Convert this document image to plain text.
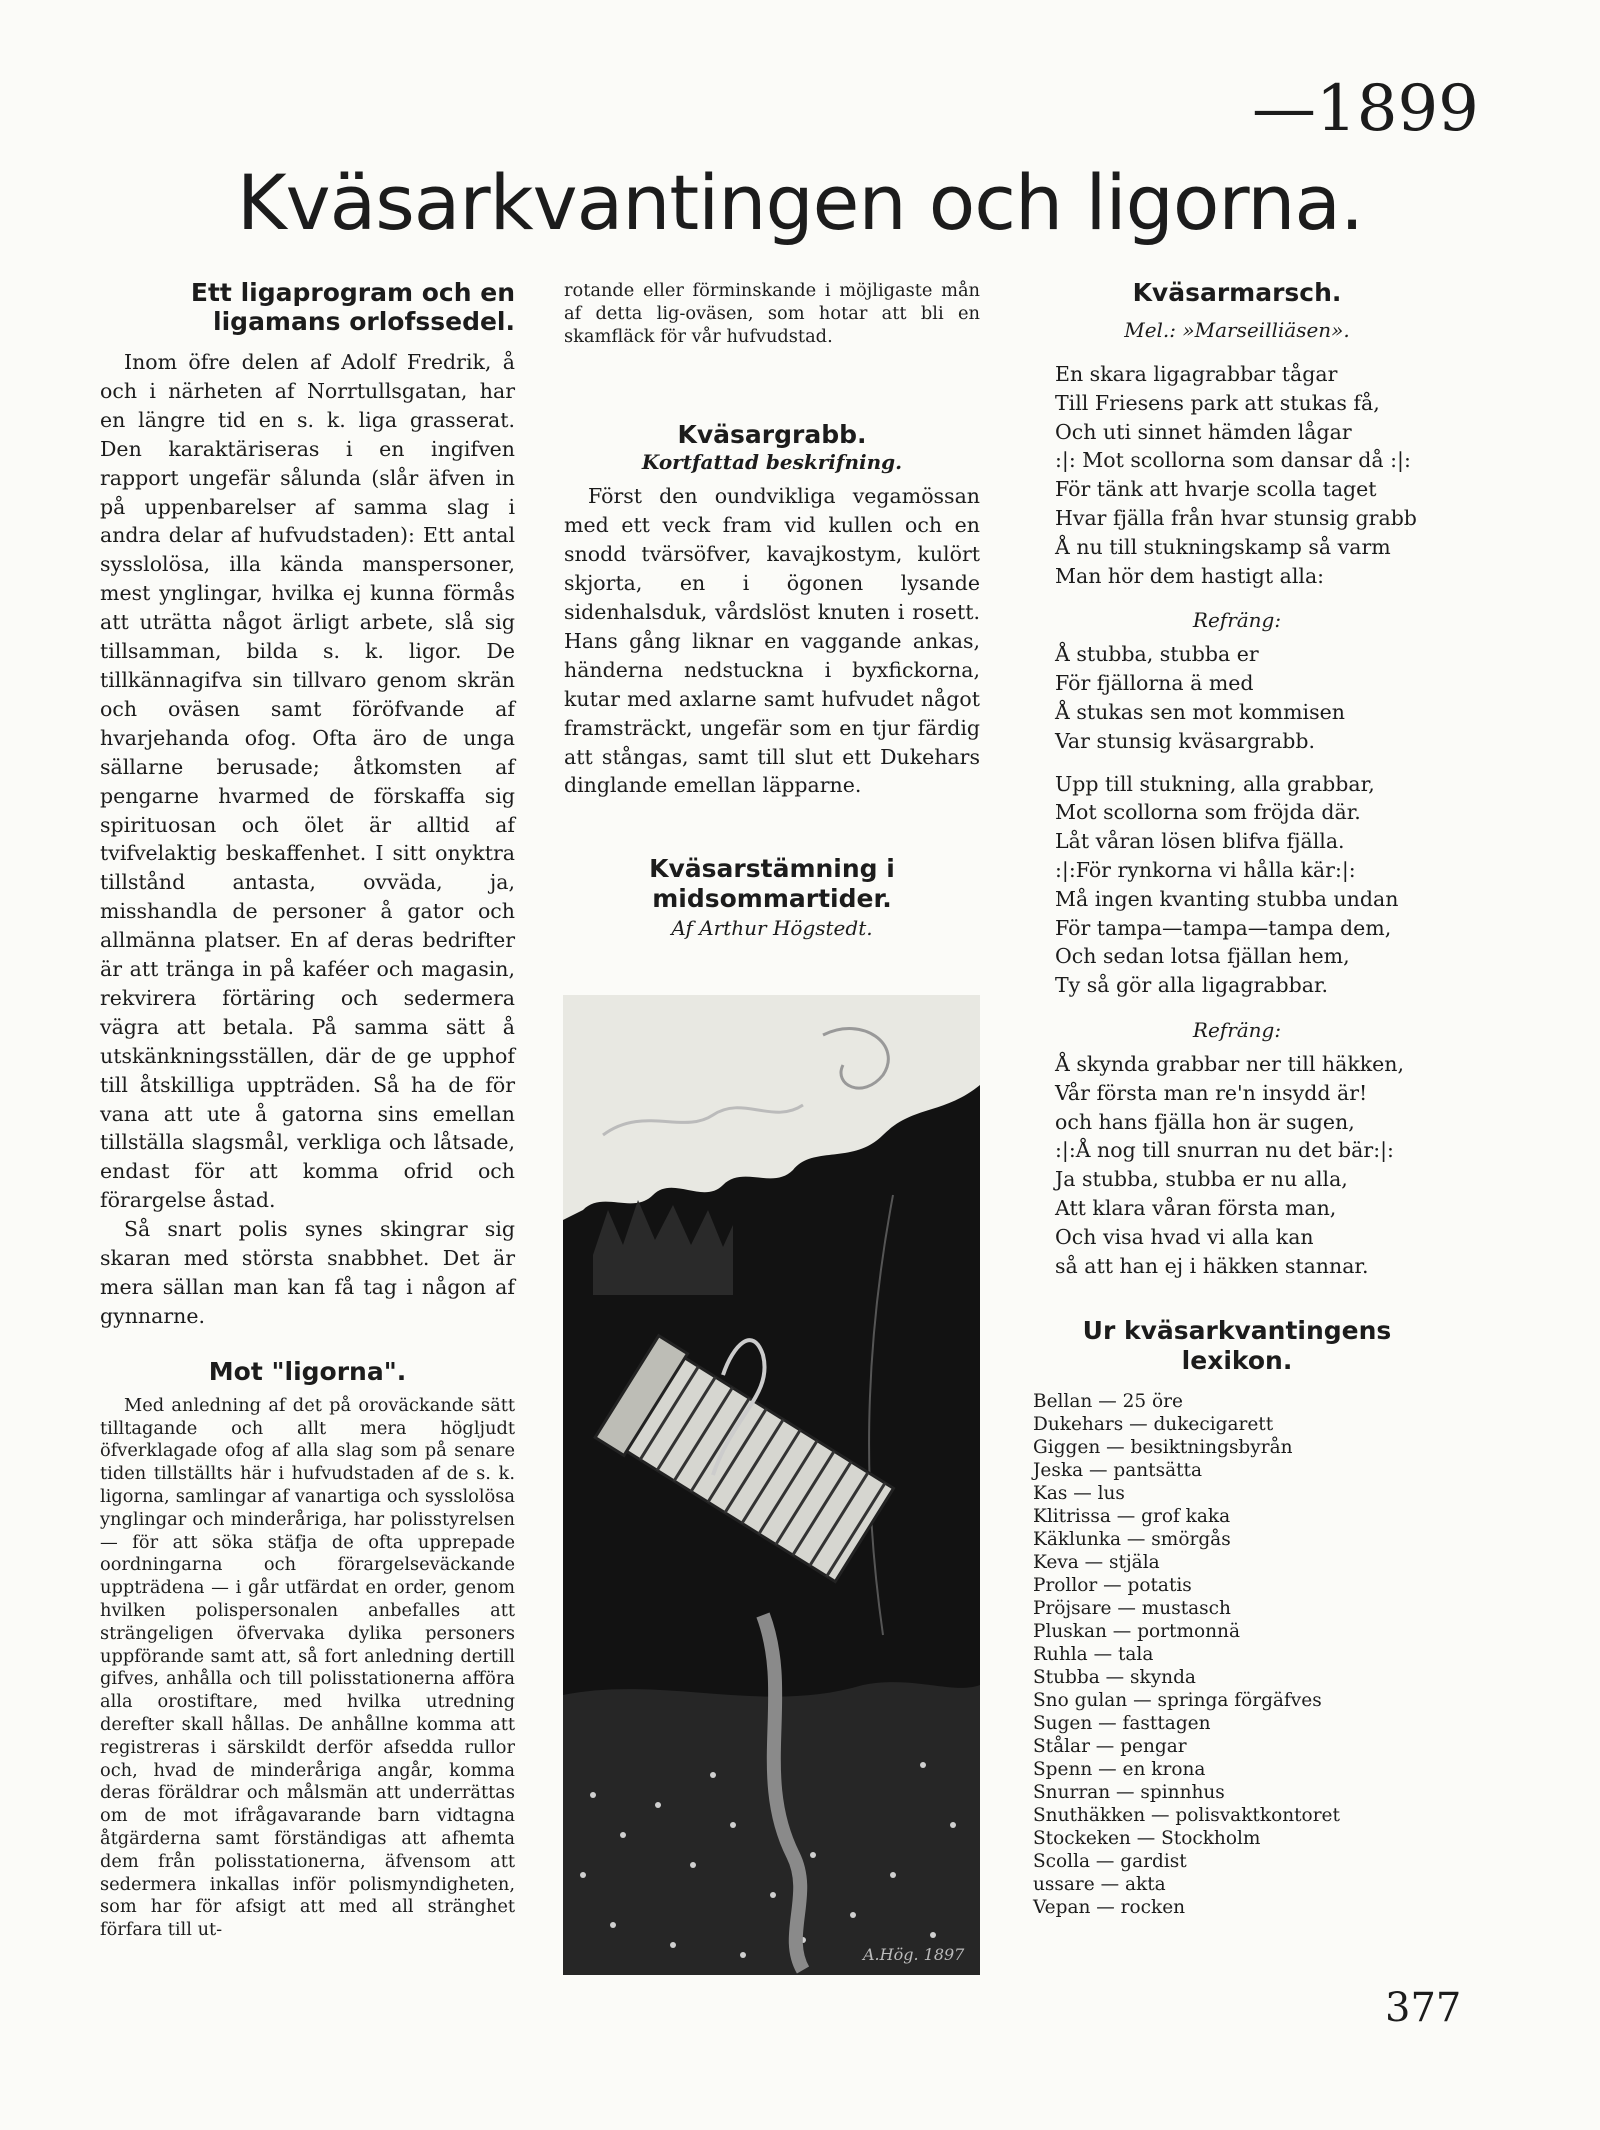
—1899
Kväsarkvantingen och ligorna.
Ett ligaprogram och en ligamans orlofssedel.

Inom öfre delen af Adolf Fredrik, å och i närheten af Norrtullsgatan, har en längre tid en s. k. liga grasserat. Den karaktäriseras i en ingifven rapport ungefär sålunda (slår äfven in på uppenbarelser af samma slag i andra delar af hufvudstaden): Ett antal sysslolösa, illa kända manspersoner, mest ynglingar, hvilka ej kunna förmås att uträtta något ärligt arbete, slå sig tillsamman, bilda s. k. ligor. De tillkännagifva sin tillvaro genom skrän och oväsen samt föröfvande af hvarjehanda ofog. Ofta äro de unga sällarne berusade; åtkomsten af pengarne hvarmed de förskaffa sig spirituosan och ölet är alltid af tvifvelaktig beskaffenhet. I sitt onyktra tillstånd antasta, ovväda, ja, misshandla de personer å gator och allmänna platser. En af deras bedrifter är att tränga in på kaféer och magasin, rekvirera förtäring och sedermera vägra att betala. På samma sätt å utskänkningsställen, där de ge upphof till åtskilliga uppträden. Så ha de för vana att ute å gatorna sins emellan tillställa slagsmål, verkliga och låtsade, endast för att komma ofrid och förargelse åstad.

Så snart polis synes skingrar sig skaran med största snabbhet. Det är mera sällan man kan få tag i någon af gynnarne.

Mot "ligorna".

Med anledning af det på oroväckande sätt tilltagande och allt mera högljudt öfverklagade ofog af alla slag som på senare tiden tillställts här i hufvudstaden af de s. k. ligorna, samlingar af vanartiga och sysslolösa ynglingar och minderåriga, har polisstyrelsen — för att söka stäfja de ofta upprepade oordningarna och förargelseväckande uppträdena — i går utfärdat en order, genom hvilken polispersonalen anbefalles att strängeligen öfvervaka dylika personers uppförande samt att, så fort anledning dertill gifves, anhålla och till polisstationerna afföra alla orostiftare, med hvilka utredning derefter skall hållas. De anhållne komma att registreras i särskildt derför afsedda rullor och, hvad de minderåriga angår, komma deras föräldrar och målsmän att underrättas om de mot ifrågavarande barn vidtagna åtgärderna samt förständigas att afhemta dem från polisstationerna, äfvensom att sedermera inkallas inför polismyndigheten, som har för afsigt att med all stränghet förfara till ut-

rotande eller förminskande i möjligaste mån af detta lig-oväsen, som hotar att bli en skamfläck för vår hufvudstad.

Kväsargrabb.
Kortfattad beskrifning.

Först den oundvikliga vegamössan med ett veck fram vid kullen och en snodd tvärsöfver, kavajkostym, kulört skjorta, en i ögonen lysande sidenhalsduk, vårdslöst knuten i rosett. Hans gång liknar en vaggande ankas, händerna nedstuckna i byxfickorna, kutar med axlarne samt hufvudet något framsträckt, ungefär som en tjur färdig att stångas, samt till slut ett Dukehars dinglande emellan läpparne.

Kväsarstämning i midsommartider.
Af Arthur Högstedt.
A.Hög. 1897
Kväsarmarsch.
Mel.: »Marseilliäsen».
En skara ligagrabbar tågar
Till Friesens park att stukas få,
Och uti sinnet hämden lågar
:|: Mot scollorna som dansar då :|:
För tänk att hvarje scolla taget
Hvar fjälla från hvar stunsig grabb
Å nu till stukningskamp så varm
Man hör dem hastigt alla:
Refräng:
Å stubba, stubba er
För fjällorna ä med
Å stukas sen mot kommisen
Var stunsig kväsargrabb.
Upp till stukning, alla grabbar,
Mot scollorna som fröjda där.
Låt våran lösen blifva fjälla.
:|:För rynkorna vi hålla kär:|:
Må ingen kvanting stubba undan
För tampa—tampa—tampa dem,
Och sedan lotsa fjällan hem,
Ty så gör alla ligagrabbar.
Refräng:
Å skynda grabbar ner till häkken,
Vår första man re'n insydd är!
och hans fjälla hon är sugen,
:|:Å nog till snurran nu det bär:|:
Ja stubba, stubba er nu alla,
Att klara våran första man,
Och visa hvad vi alla kan
så att han ej i häkken stannar.
Ur kväsarkvantingens lexikon.
Bellan — 25 öre
Dukehars — dukecigarett
Giggen — besiktningsbyrån
Jeska — pantsätta
Kas — lus
Klitrissa — grof kaka
Käklunka — smörgås
Keva — stjäla
Prollor — potatis
Pröjsare — mustasch
Pluskan — portmonnä
Ruhla — tala
Stubba — skynda
Sno gulan — springa förgäfves
Sugen — fasttagen
Stålar — pengar
Spenn — en krona
Snurran — spinnhus
Snuthäkken — polisvaktkontoret
Stockeken — Stockholm
Scolla — gardist
ussare — akta
Vepan — rocken
377
